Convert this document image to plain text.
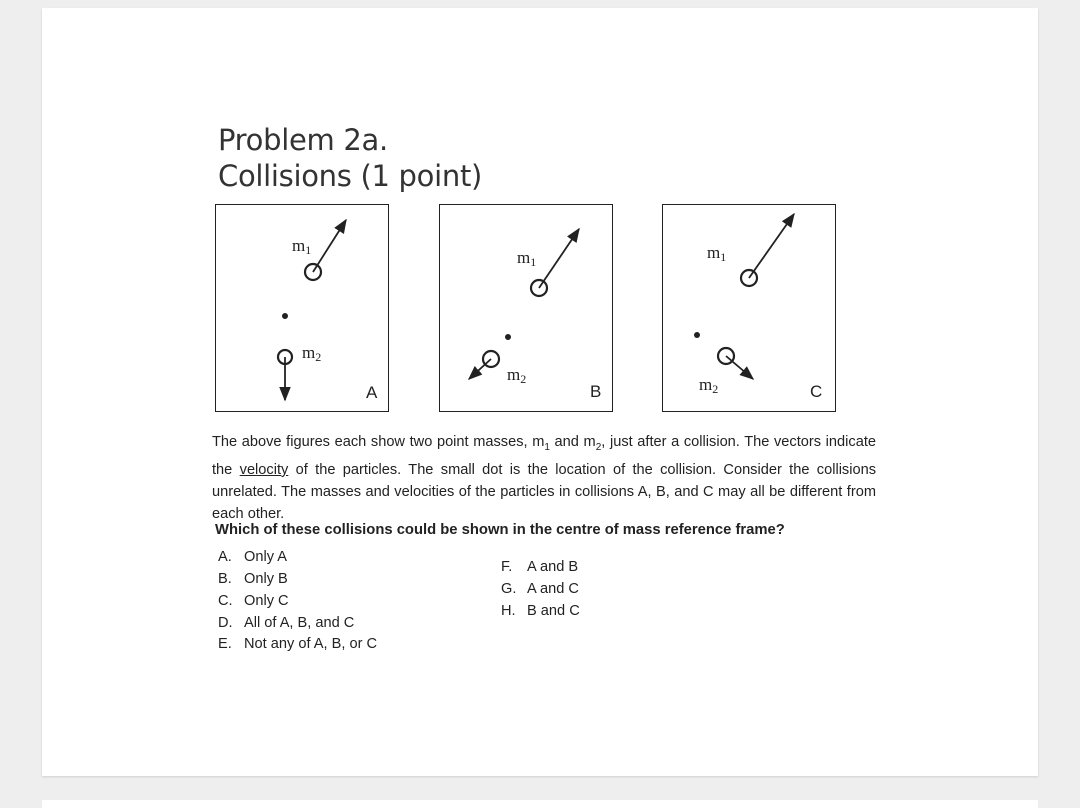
Problem 2a.
Collisions (1 point)
$m_1$
$m_2$
A
$m_1$
$m_2$
B
$m_1$
$m_2$	C
The above figures each show two point masses, $m_1$ and $m_2$, just after a collision. The vectors indicate the velocity of the particles. The small dot is the location of the collision. Consider the collisions unrelated. The masses and velocities of the particles in collisions A, B, and C may all be different from each other.
Which of these collisions could be shown in the centre of mass reference frame?
A. Only A
B. Only B
C. Only C
D. All of A, B, and C
E. Not any of A, B, or C
F. A and B
G. A and C
H. B and C
